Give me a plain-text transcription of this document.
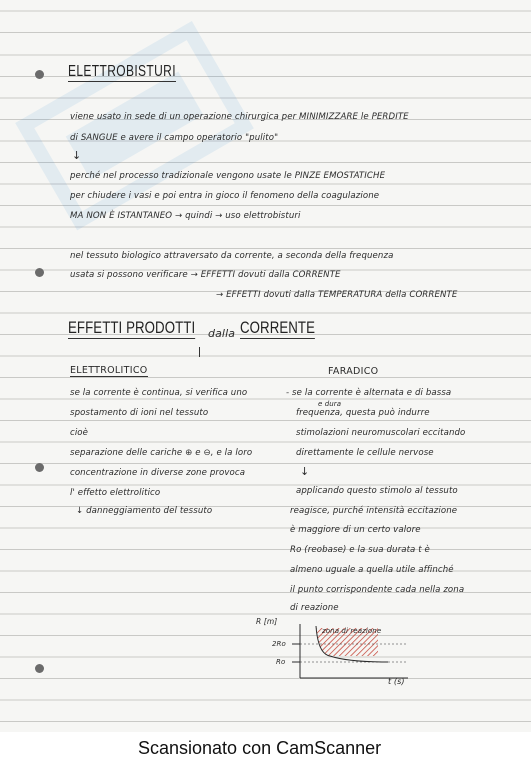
ELETTROBISTURI
viene usato in sede di un operazione chirurgica per MINIMIZZARE le PERDITE
di SANGUE e avere il campo operatorio "pulito"
↓
perché nel processo tradizionale vengono usate le PINZE EMOSTATICHE
per chiudere i vasi e poi entra in gioco il fenomeno della coagulazione
MA NON È ISTANTANEO → quindi → uso elettrobisturi
nel tessuto biologico attraversato da corrente, a seconda della frequenza
usata si possono verificare → EFFETTI dovuti dalla CORRENTE
→ EFFETTI dovuti dalla TEMPERATURA della CORRENTE
EFFETTI PRODOTTI dalla CORRENTE
ELETTROLITICO
se la corrente è continua, si verifica uno
spostamento di ioni nel tessuto
cioè
separazione delle cariche ⊕ e ⊖, e la loro
concentrazione in diverse zone provoca
l' effetto elettrolitico
↓ danneggiamento del tessuto
FARADICO
- se la corrente è alternata e di bassa
e dura
frequenza, questa può indurre
stimolazioni neuromuscolari eccitando
direttamente le cellule nervose
↓
applicando questo stimolo al tessuto
reagisce, purché intensità eccitazione
è maggiore di un certo valore
Ro (reobase) e la sua durata t è
almeno uguale a quella utile affinché
il punto corrispondente cada nella zona
di reazione
R [m]
2Ro
Ro
t (s)
zona di reazione
Scansionato con CamScanner
